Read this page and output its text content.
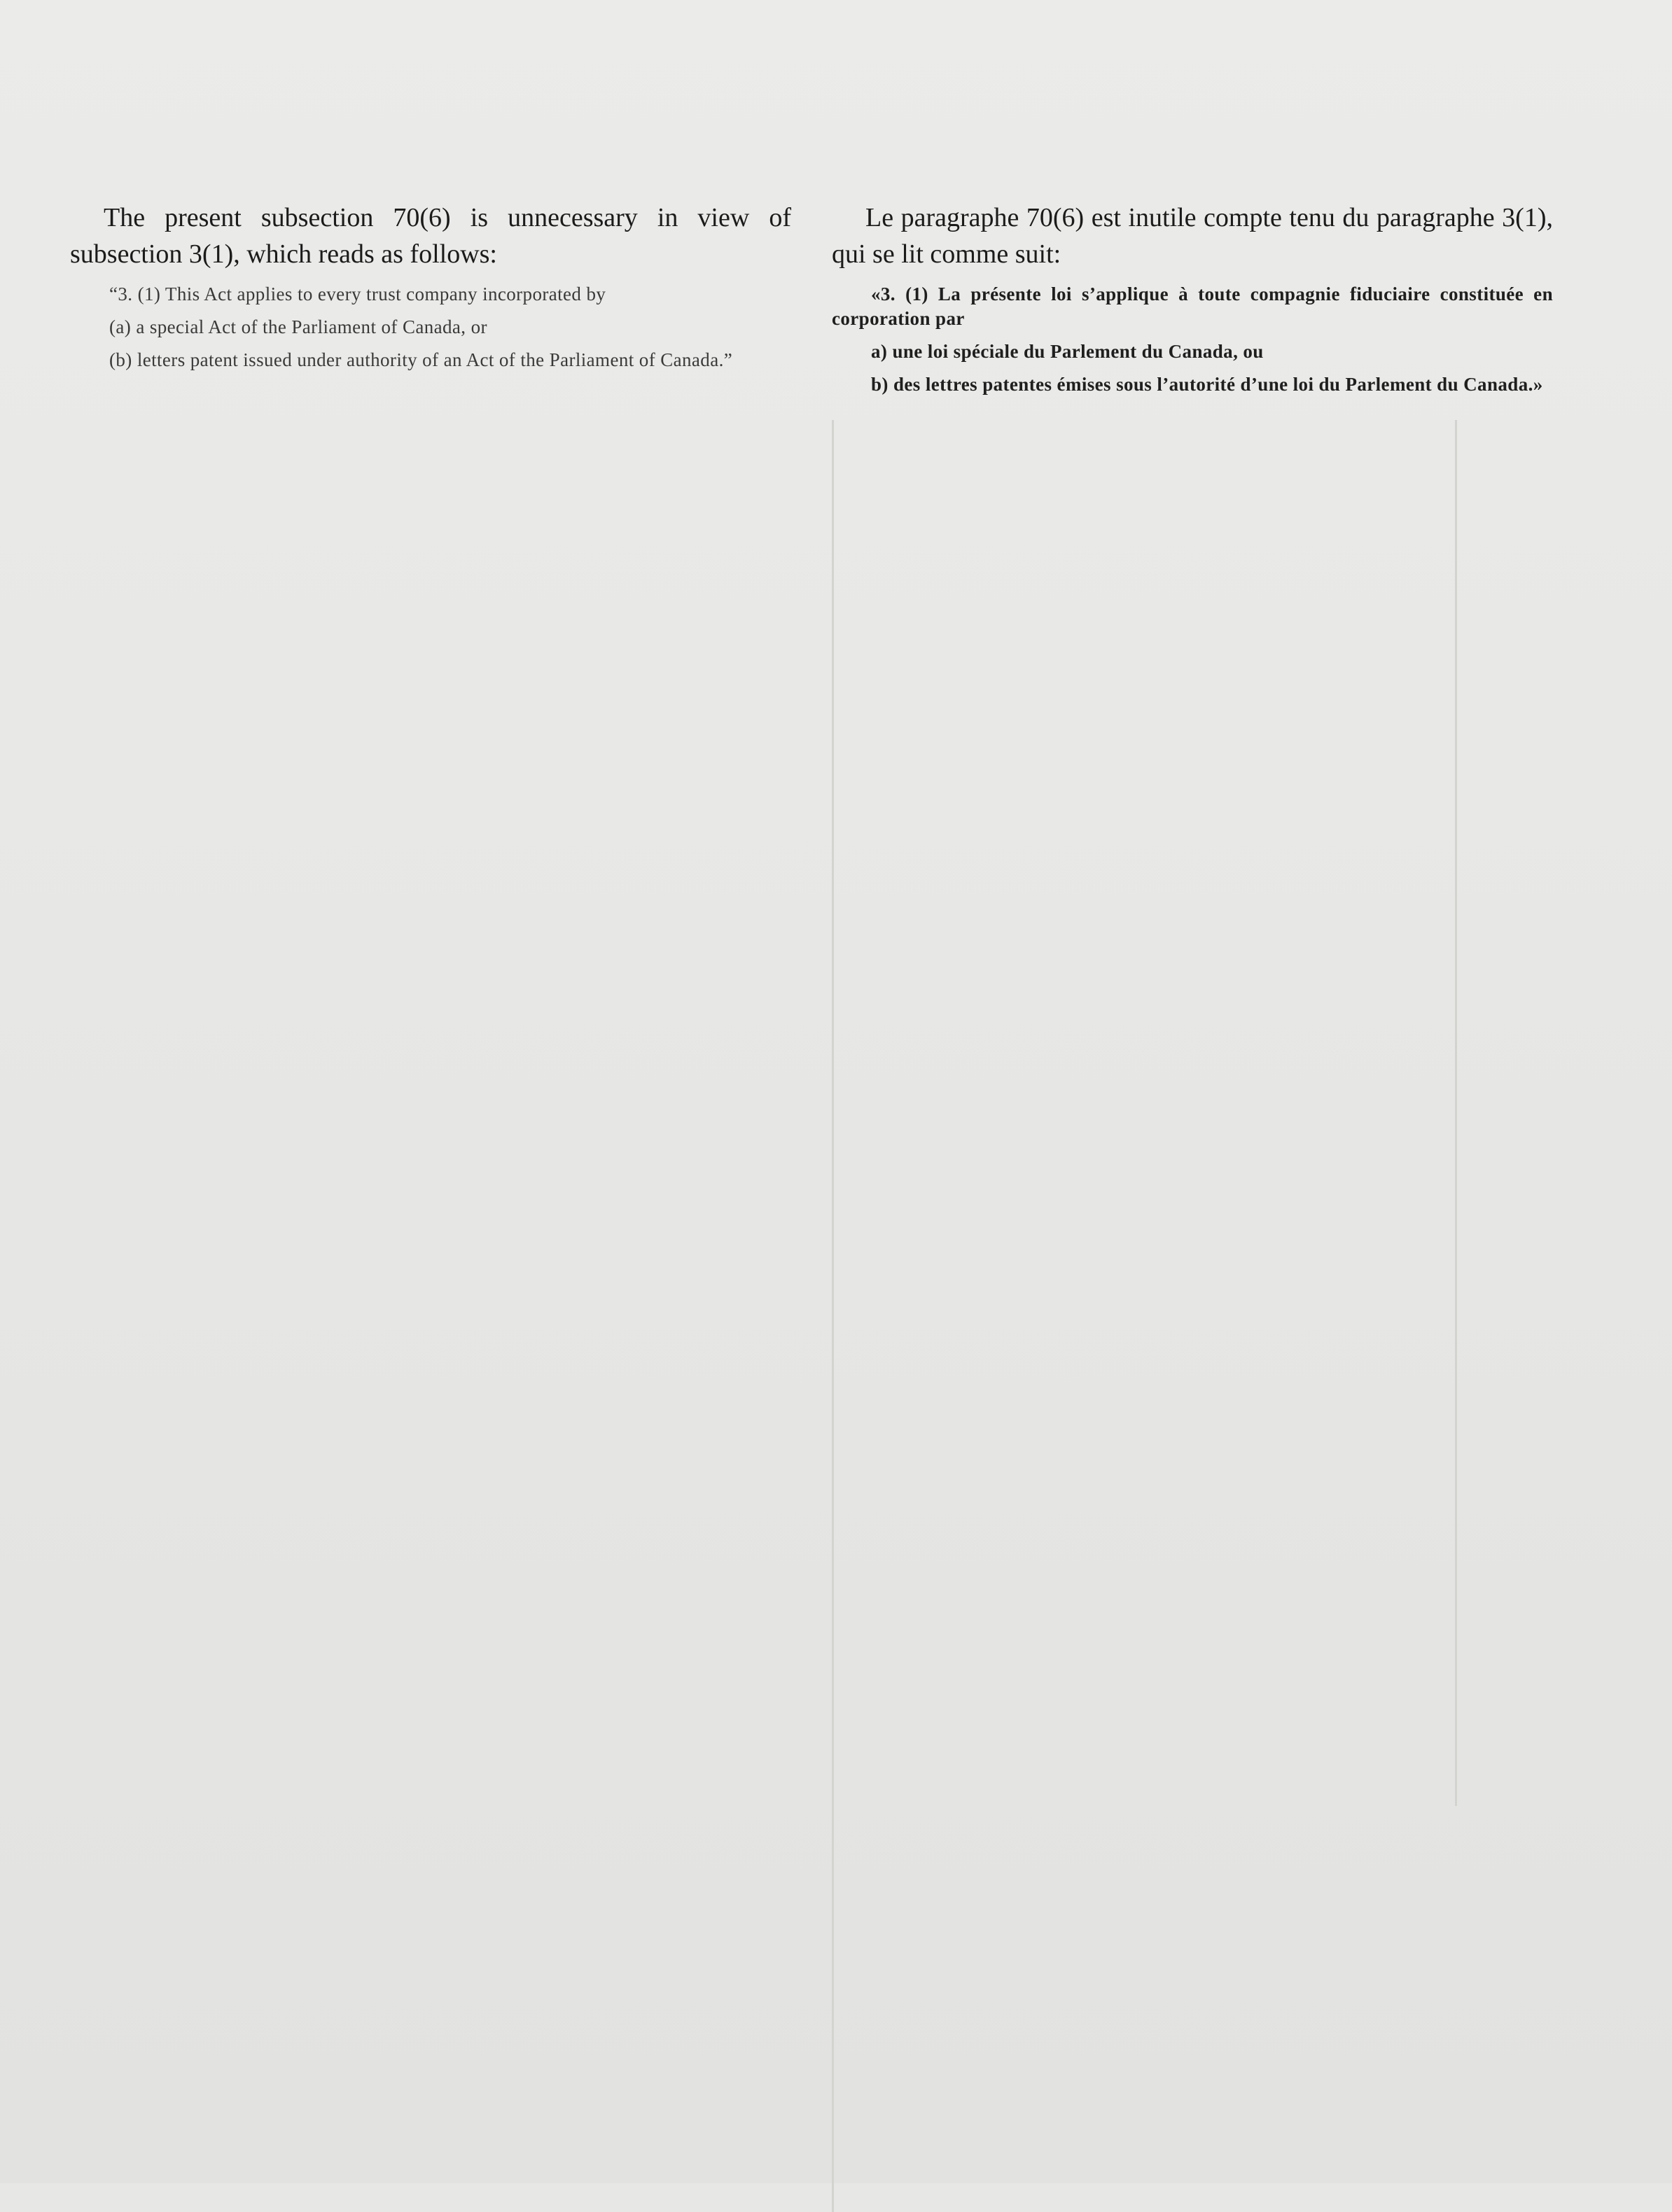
The present subsection 70(6) is unnecessary in view of subsection 3(1), which reads as follows:

“3. (1) This Act applies to every trust company incorporated by

(a) a special Act of the Parliament of Canada, or

(b) letters patent issued under authority of an Act of the Parliament of Canada.”

Le paragraphe 70(6) est inutile compte tenu du paragraphe 3(1), qui se lit comme suit:

«3. (1) La présente loi s’applique à toute compagnie fiduciaire constituée en corporation par

a) une loi spéciale du Parlement du Canada, ou

b) des lettres patentes émises sous l’autorité d’une loi du Parlement du Canada.»
